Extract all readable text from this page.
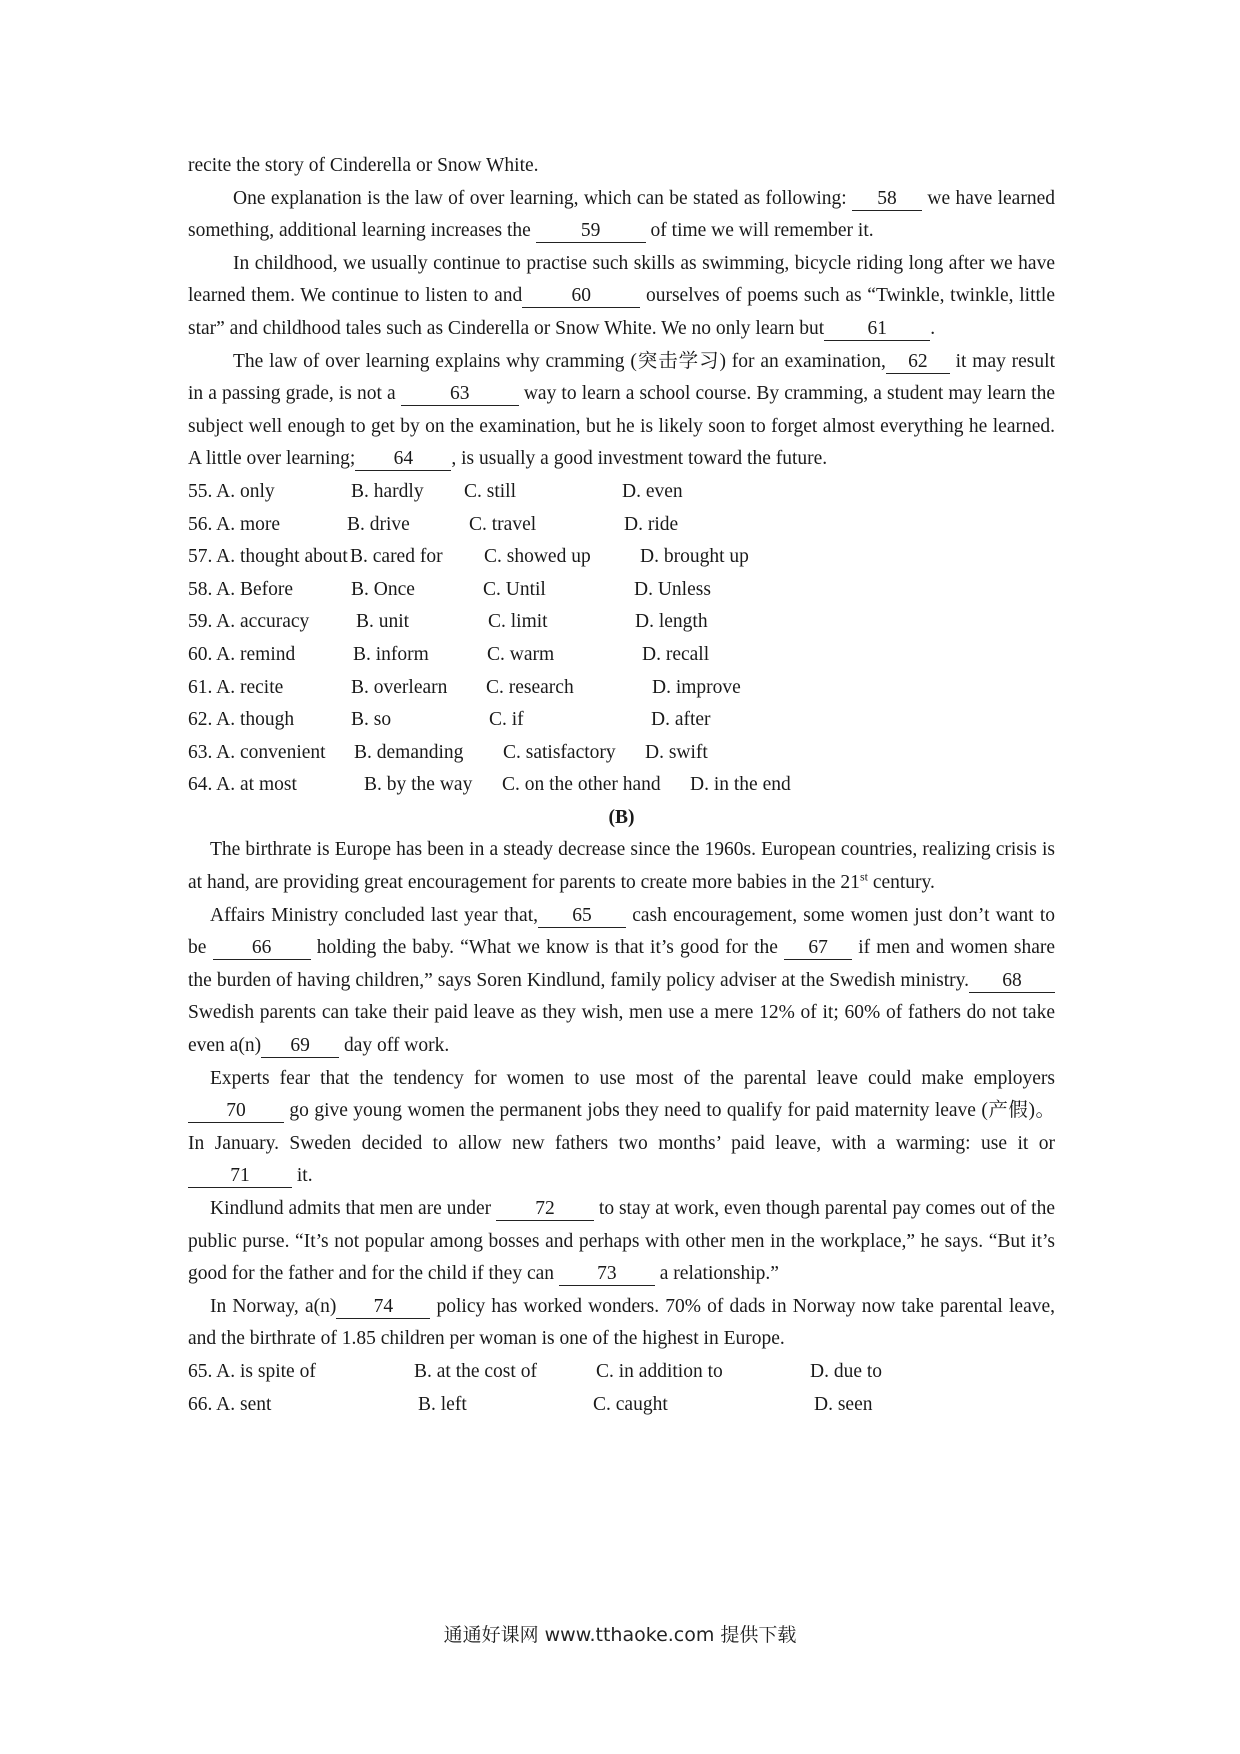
recite the story of Cinderella or Snow White.

One explanation is the law of over learning, which can be stated as following: 58 we have learned something, additional learning increases the 59 of time we will remember it.

In childhood, we usually continue to practise such skills as swimming, bicycle riding long after we have learned them. We continue to listen to and	60	ourselves of poems such as “Twinkle, twinkle, little star” and childhood tales such as Cinderella or Snow White. We no only learn but 61 .

The law of over learning explains why cramming (突击学习) for an examination, 62 it may result in a passing grade, is not a	63	way to learn a school course. By cramming, a student may learn the subject well enough to get by on the examination, but he is likely soon to forget almost everything he learned. A little over learning; 64 , is usually a good investment toward the future.

55. A. only	B. hardly C. still	D. even
56. A. more	B. drive	C. travel	D. ride
57. A. thought about B. cared for C. showed up	D. brought up
58. A. Before	B. Once	C. Until	D. Unless
59. A. accuracy B. unit	C. limit	D. length
60. A. remind	B. inform	C. warm	D. recall
61. A. recite	B. overlearn C. research	D. improve
62. A. though	B. so	C. if	D. after
63. A. convenient B. demanding C. satisfactory D. swift
64. A. at most	B. by the way C. on the other hand D. in the end

(B)

The birthrate is Europe has been in a steady decrease since the 1960s. European countries, realizing crisis is at hand, are providing great encouragement for parents to create more babies in the 21st century.

Affairs Ministry concluded last year that, 65 cash encouragement, some women just don’t want to be 66 holding the baby. “What we know is that it’s good for the 67 if men and women share the burden of having children,” says Soren Kindlund, family policy adviser at the Swedish ministry. 68 Swedish parents can take their paid leave as they wish, men use a mere 12% of it; 60% of fathers do not take even a(n) 69 day off work.

Experts fear that the tendency for women to use most of the parental leave could make employers70 go give young women the permanent jobs they need to qualify for paid maternity leave (产假)。In January. Sweden decided to allow new fathers two months’ paid leave, with a warming: use it or71 it.

Kindlund admits that men are under 72 to stay at work, even though parental pay comes out of the public purse. “It’s not popular among bosses and perhaps with other men in the workplace,” he says. “But it’s good for the father and for the child if they can 73 a relationship.”

In Norway, a(n) 74 policy has worked wonders. 70% of dads in Norway now take parental leave, and the birthrate of 1.85 children per woman is one of the highest in Europe.

65. A. is spite of	B. at the cost of	C. in addition to	D. due to
66. A. sent	B. left	C. caught	D. seen
通通好课网 www.tthaoke.com 提供下载
